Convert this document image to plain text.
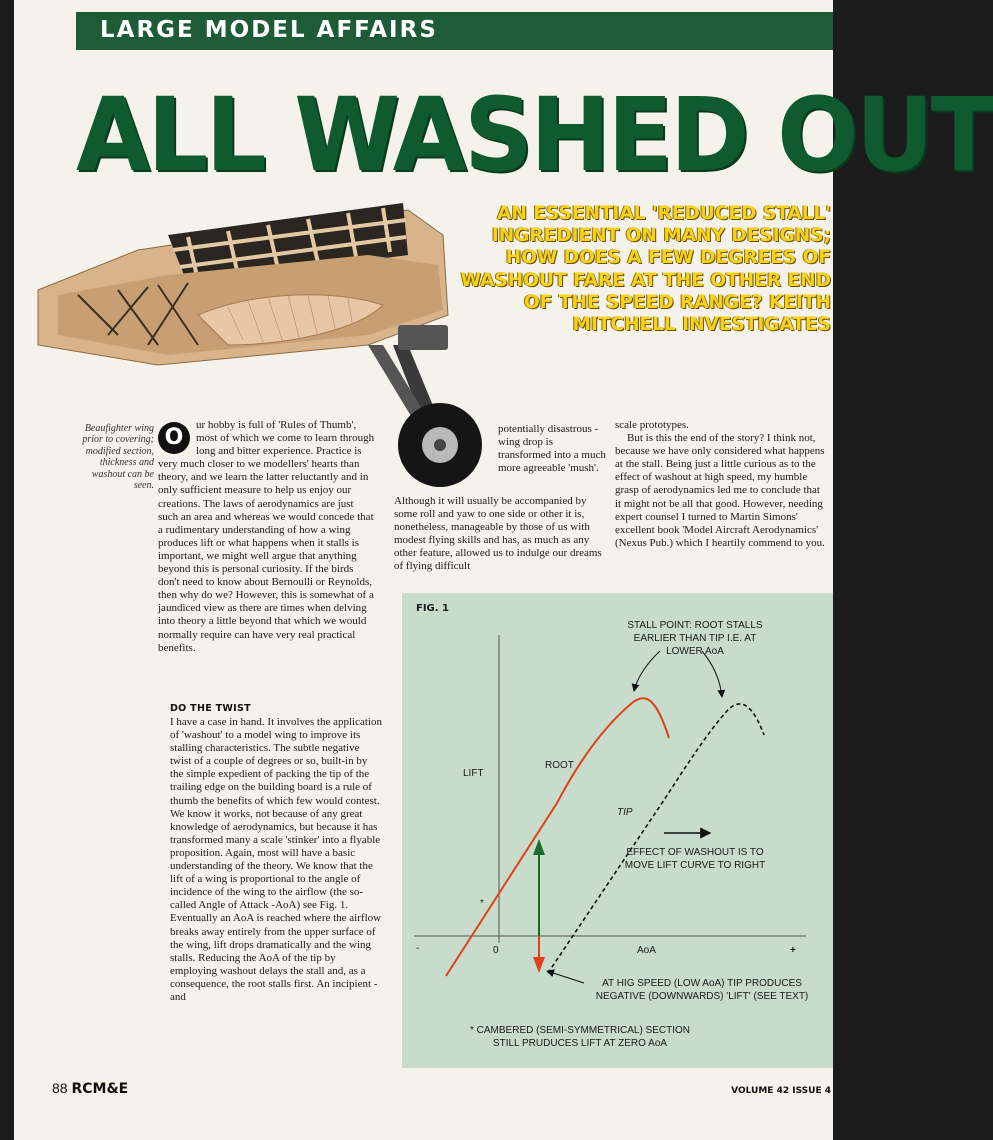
LARGE MODEL AFFAIRS
ALL WASHED OUT
AN ESSENTIAL 'REDUCED STALL' INGREDIENT ON MANY DESIGNS; HOW DOES A FEW DEGREES OF WASHOUT FARE AT THE OTHER END OF THE SPEED RANGE? KEITH MITCHELL INVESTIGATES
Beaufighter wing prior to covering; modified section, thickness and washout can be seen.
O	ur hobby is full of 'Rules of Thumb', most of which we come to learn through long and bitter experience. Practice is very much closer to we modellers' hearts than theory, and we learn the latter reluctantly and in only sufficient measure to help us enjoy our creations. The laws of aerodynamics are just such an area and whereas we would concede that a rudimentary understanding of how a wing produces lift or what happens when it stalls is important, we might well argue that anything beyond this is personal curiosity. If the birds don't need to know about Bernoulli or Reynolds, then why do we? However, this is somewhat of a jaundiced view as there are times when delving into theory a little beyond that which we would normally require can have very real practical benefits.

DO THE TWIST

I have a case in hand. It involves the application of 'washout' to a model wing to improve its stalling characteristics. The subtle negative twist of a couple of degrees or so, built-in by the simple expedient of packing the tip of the trailing edge on the building board is a rule of thumb the benefits of which few would contest. We know it works, not because of any great knowledge of aerodynamics, but because it has transformed many a scale 'stinker' into a flyable proposition. Again, most will have a basic understanding of the theory. We know that the lift of a wing is proportional to the angle of incidence of the wing to the airflow (the so-called Angle of Attack -AoA) see Fig. 1. Eventually an AoA is reached where the airflow breaks away entirely from the upper surface of the wing, lift drops dramatically and the wing stalls. Reducing the AoA of the tip by employing washout delays the stall and, as a consequence, the root stalls first. An incipient - and

potentially disastrous - wing drop is transformed into a much more agreeable 'mush'.

Although it will usually be accompanied by some roll and yaw to one side or other it is, nonetheless, manageable by those of us with modest flying skills and has, as much as any other feature, allowed us to indulge our dreams of flying difficult

scale prototypes.

But is this the end of the story? I think not, because we have only considered what happens at the stall. Being just a little curious as to the effect of washout at high speed, my humble grasp of aerodynamics led me to conclude that it might not be all that good. However, needing expert counsel I turned to Martin Simons' excellent book 'Model Aircraft Aerodynamics' (Nexus Pub.) which I heartily commend to you.

FIG. 1
STALL POINT: ROOT STALLS
EARLIER THAN TIP I.E. AT
LOWER AoA
LIFT
ROOT
TIP
EFFECT OF WASHOUT IS TO
MOVE LIFT CURVE TO RIGHT
*
-	0	AoA	+
AT HIG SPEED (LOW AoA) TIP PRODUCES
NEGATIVE (DOWNWARDS) 'LIFT' (SEE TEXT)
* CAMBERED (SEMI-SYMMETRICAL) SECTION
STILL PRUDUCES LIFT AT ZERO AoA
88 RCM&E	VOLUME 42 ISSUE 4
